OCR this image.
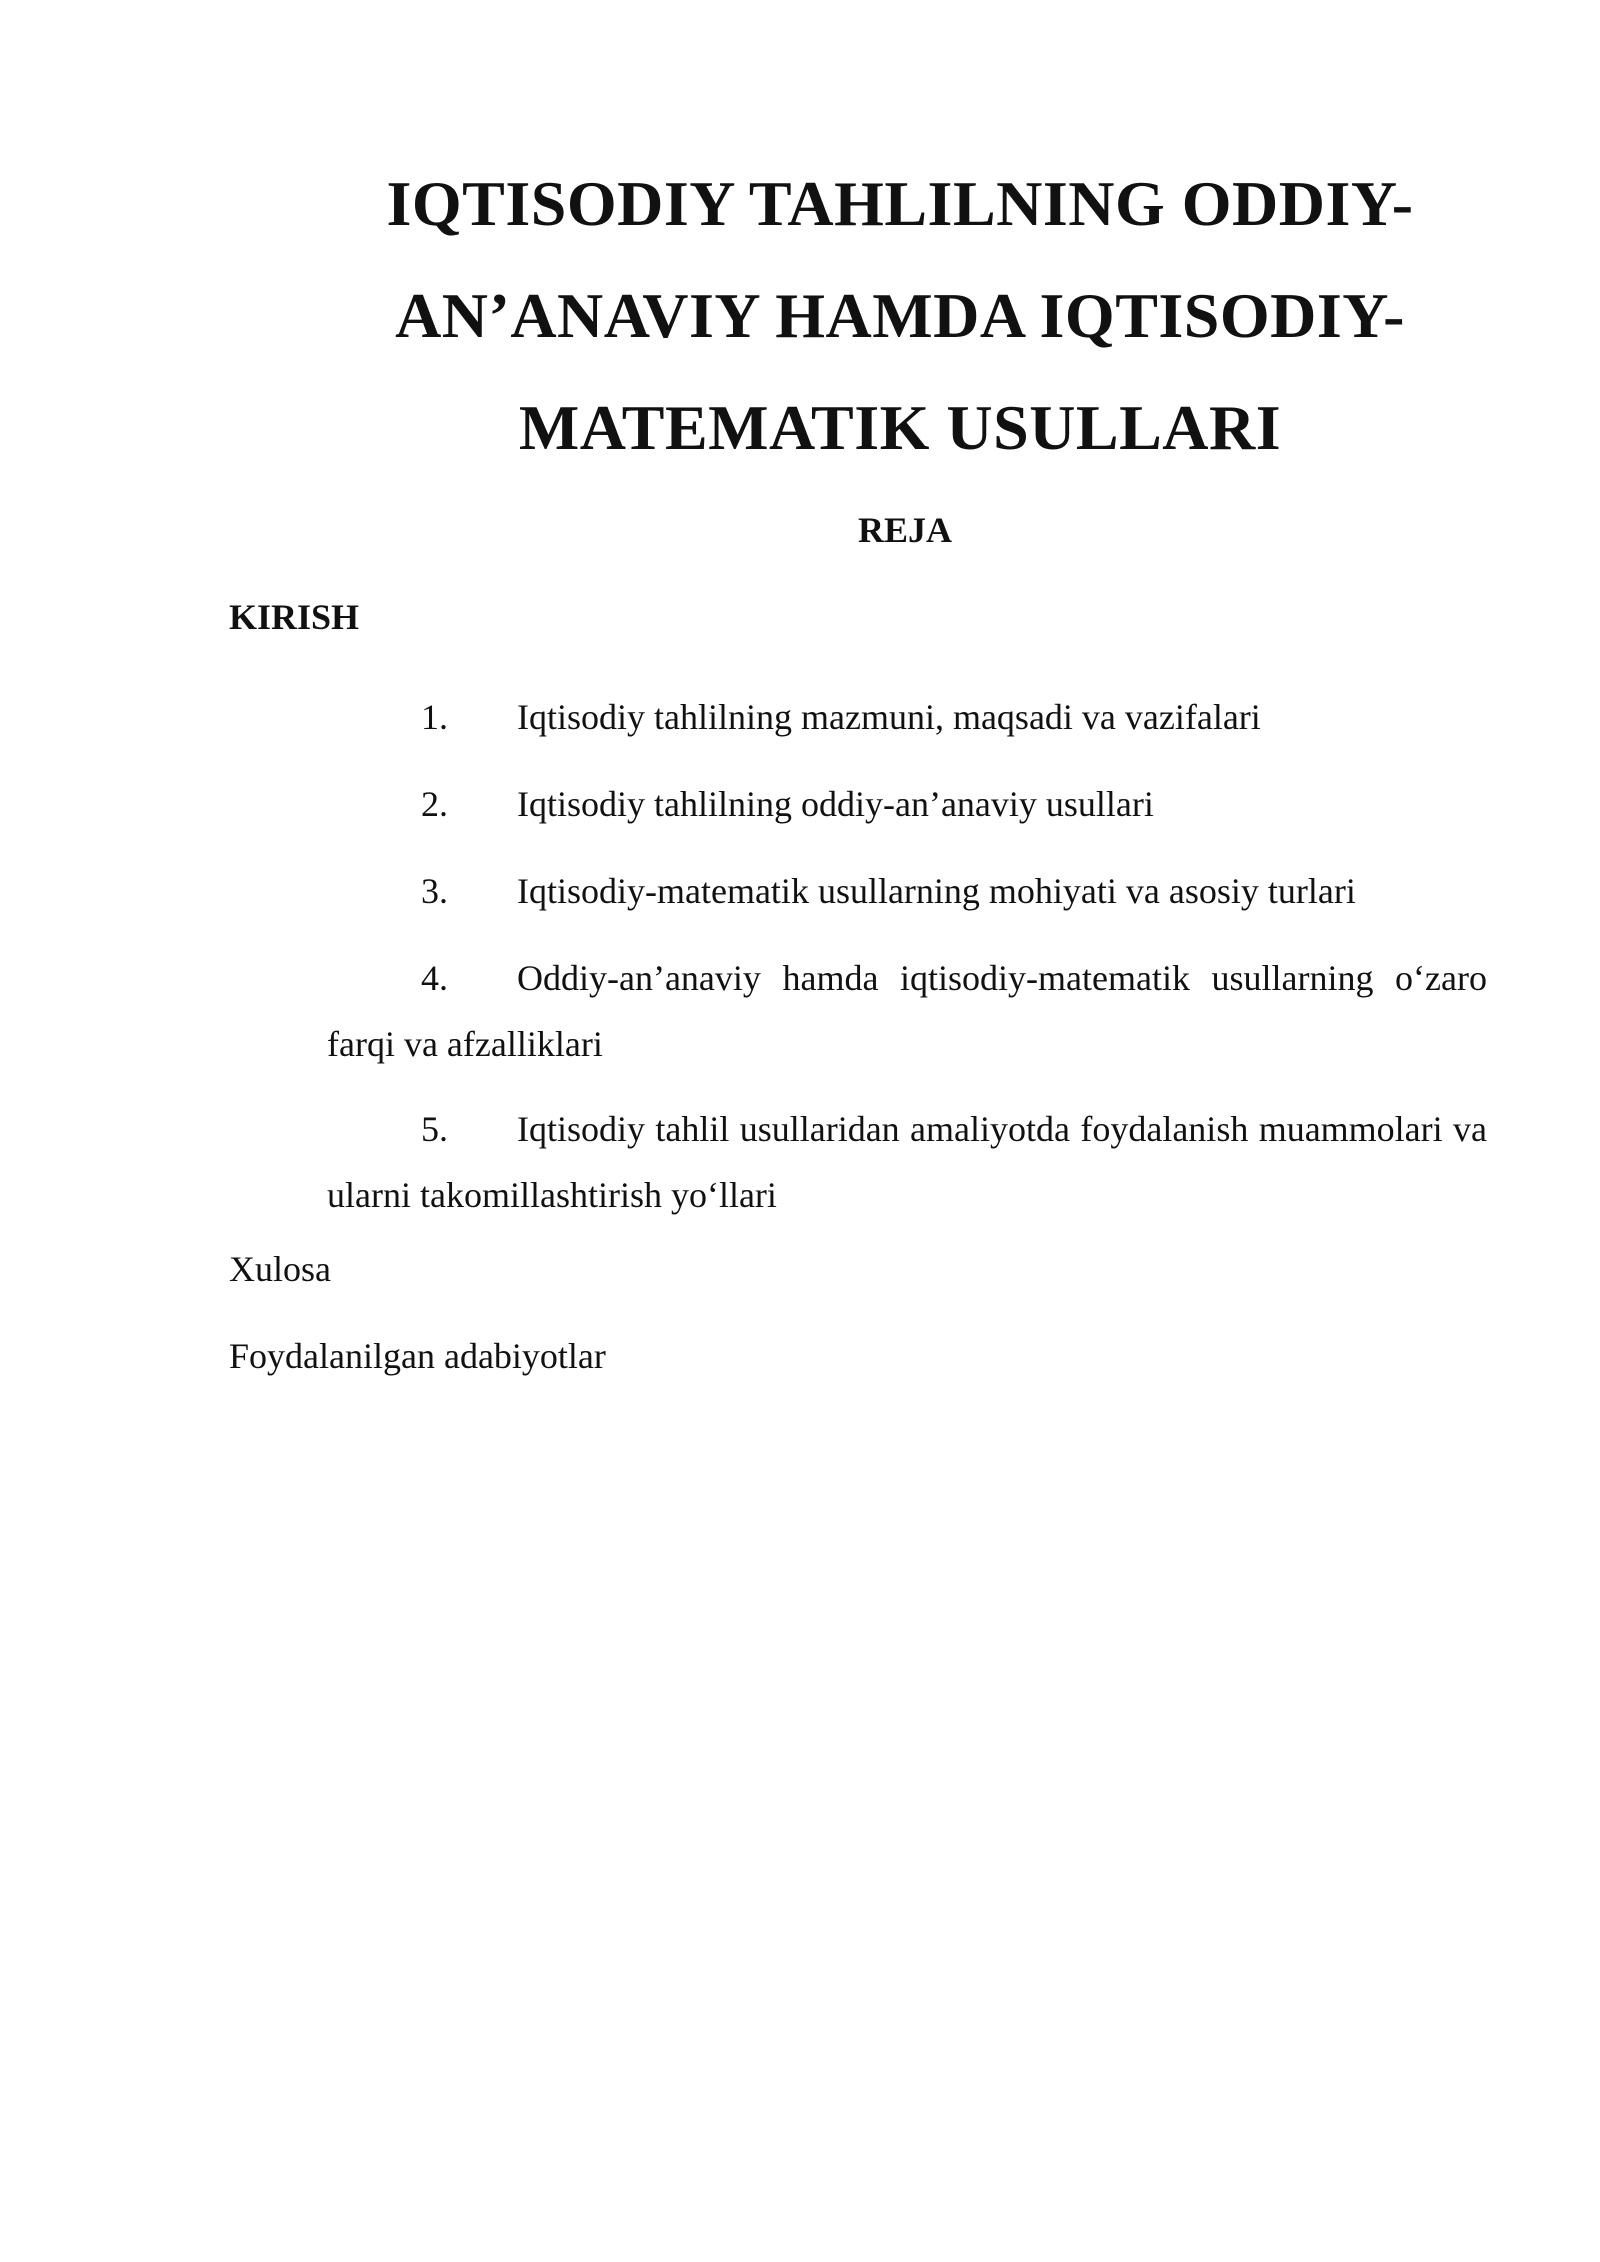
IQTISODIY TAHLILNING ODDIY-
AN’ANAVIY HAMDA IQTISODIY-
MATEMATIK USULLARI

REJA

KIRISH

1. Iqtisodiy tahlilning mazmuni, maqsadi va vazifalari

2. Iqtisodiy tahlilning oddiy-an’anaviy usullari

3. Iqtisodiy-matematik usullarning mohiyati va asosiy turlari

4. Oddiy-an’anaviy hamda iqtisodiy-matematik usullarning o‘zaro farqi va afzalliklari

5. Iqtisodiy tahlil usullaridan amaliyotda foydalanish muammolari va ularni takomillashtirish yo‘llari

Xulosa

Foydalanilgan adabiyotlar
